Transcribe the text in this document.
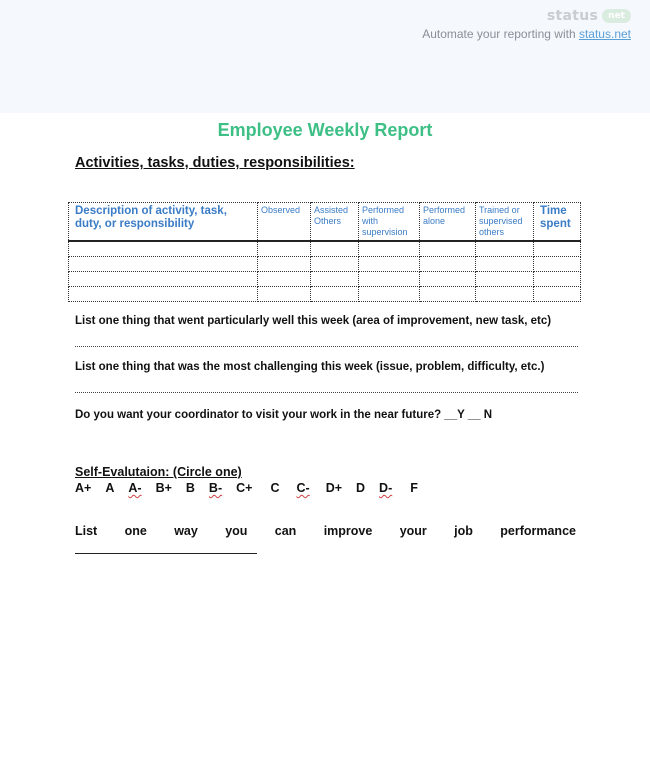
status	net
Automate your reporting with status.net
Employee Weekly Report
Activities, tasks, duties, responsibilities:
Description of activity, task, duty, or responsibility	Observed	Assisted Others	Performed with supervision	Performed alone	Trained or supervised others	Time spent

List one thing that went particularly well this week (area of improvement, new task, etc)
List one thing that was the most challenging this week (issue, problem, difficulty, etc.)
Do you want your coordinator to visit your work in the near future? __Y __ N
Self-Evalutaion: (Circle one)
A+ A A- B+ B B- C+ C C- D+ D D- F
List one way you can improve your job performance
